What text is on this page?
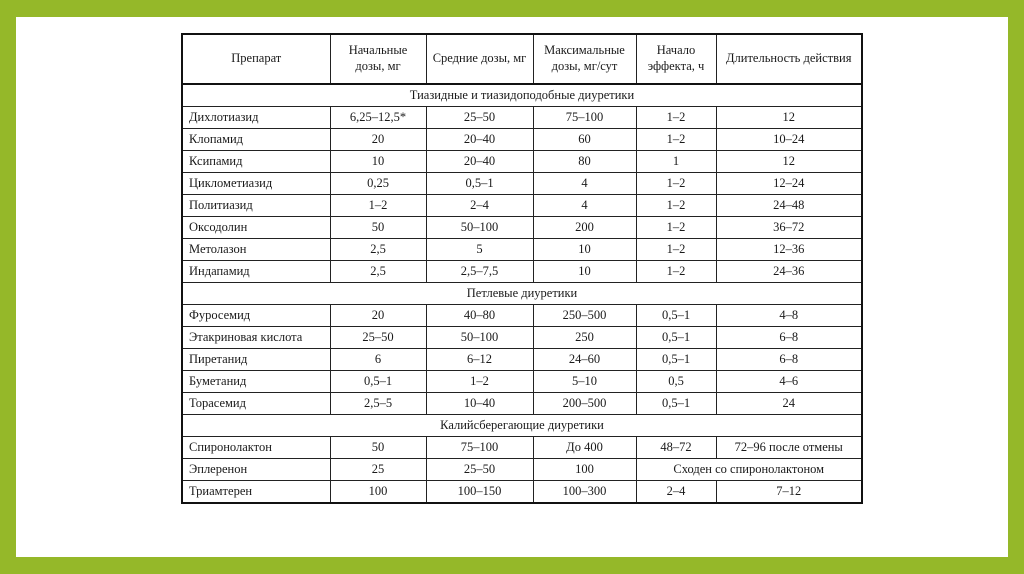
Препарат	Начальные дозы, мг	Средние дозы, мг	Максимальные дозы, мг/сут	Начало эффекта, ч	Длительность действия
Тиазидные и тиазидоподобные диуретики					
Дихлотиазид	6,25–12,5*	25–50	75–100	1–2	12
Клопамид	20	20–40	60	1–2	10–24
Ксипамид	10	20–40	80	1	12
Циклометиазид	0,25	0,5–1	4	1–2	12–24
Политиазид	1–2	2–4	4	1–2	24–48
Оксодолин	50	50–100	200	1–2	36–72
Метолазон	2,5	5	10	1–2	12–36
Индапамид	2,5	2,5–7,5	10	1–2	24–36
Петлевые диуретики					
Фуросемид	20	40–80	250–500	0,5–1	4–8
Этакриновая кислота	25–50	50–100	250	0,5–1	6–8
Пиретанид	6	6–12	24–60	0,5–1	6–8
Буметанид	0,5–1	1–2	5–10	0,5	4–6
Торасемид	2,5–5	10–40	200–500	0,5–1	24
Калийсберегающие диуретики					
Спиронолактон	50	75–100	До 400	48–72	72–96 после отмены
Эплеренон	25	25–50	100	Сходен со спиронолактоном	
Триамтерен	100	100–150	100–300	2–4	7–12
